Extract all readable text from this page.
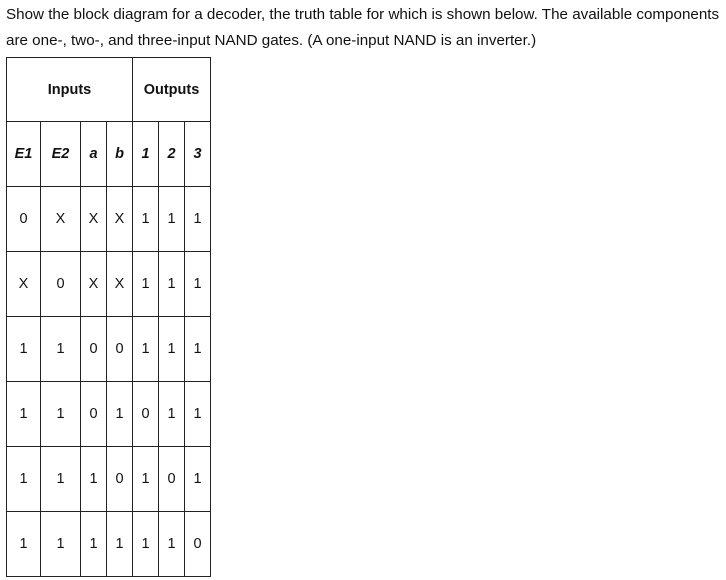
Show the block diagram for a decoder, the truth table for which is shown below. The available components are one-, two-, and three-input NAND gates. (A one-input NAND is an inverter.)

Inputs				Outputs		
E1	E2	a	b	1	2	3
0	X	X	X	1	1	1
X	0	X	X	1	1	1
1	1	0	0	1	1	1
1	1	0	1	0	1	1
1	1	1	0	1	0	1
1	1	1	1	1	1	0
